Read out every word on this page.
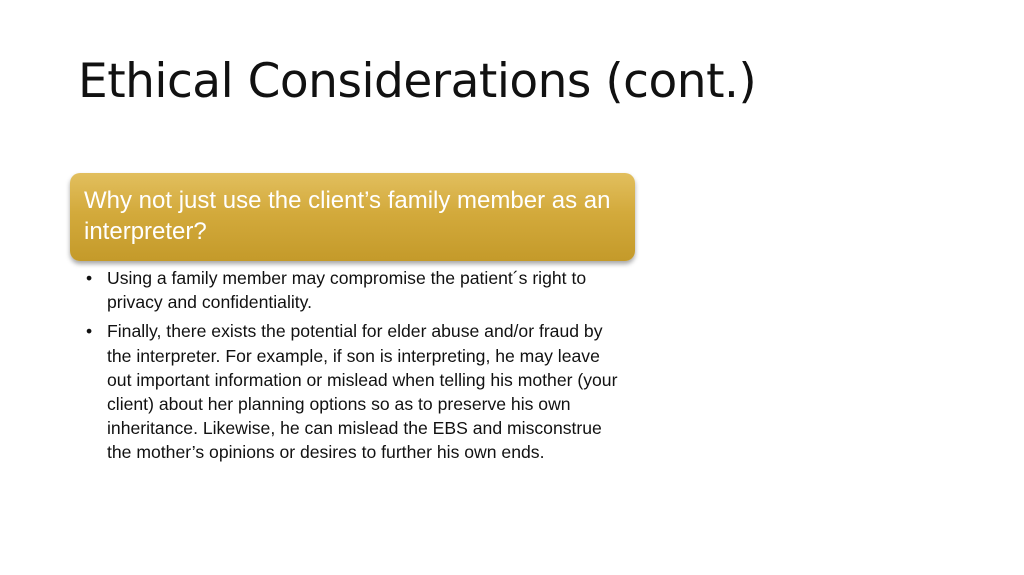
Ethical Considerations (cont.)
Why not just use the client’s family member as an interpreter?
• Using a family member may compromise the patient´s right to privacy and confidentiality.
• Finally, there exists the potential for elder abuse and/or fraud by the interpreter. For example, if son is interpreting, he may leave out important information or mislead when telling his mother (your client) about her planning options so as to preserve his own inheritance. Likewise, he can mislead the EBS and misconstrue the mother’s opinions or desires to further his own ends.
